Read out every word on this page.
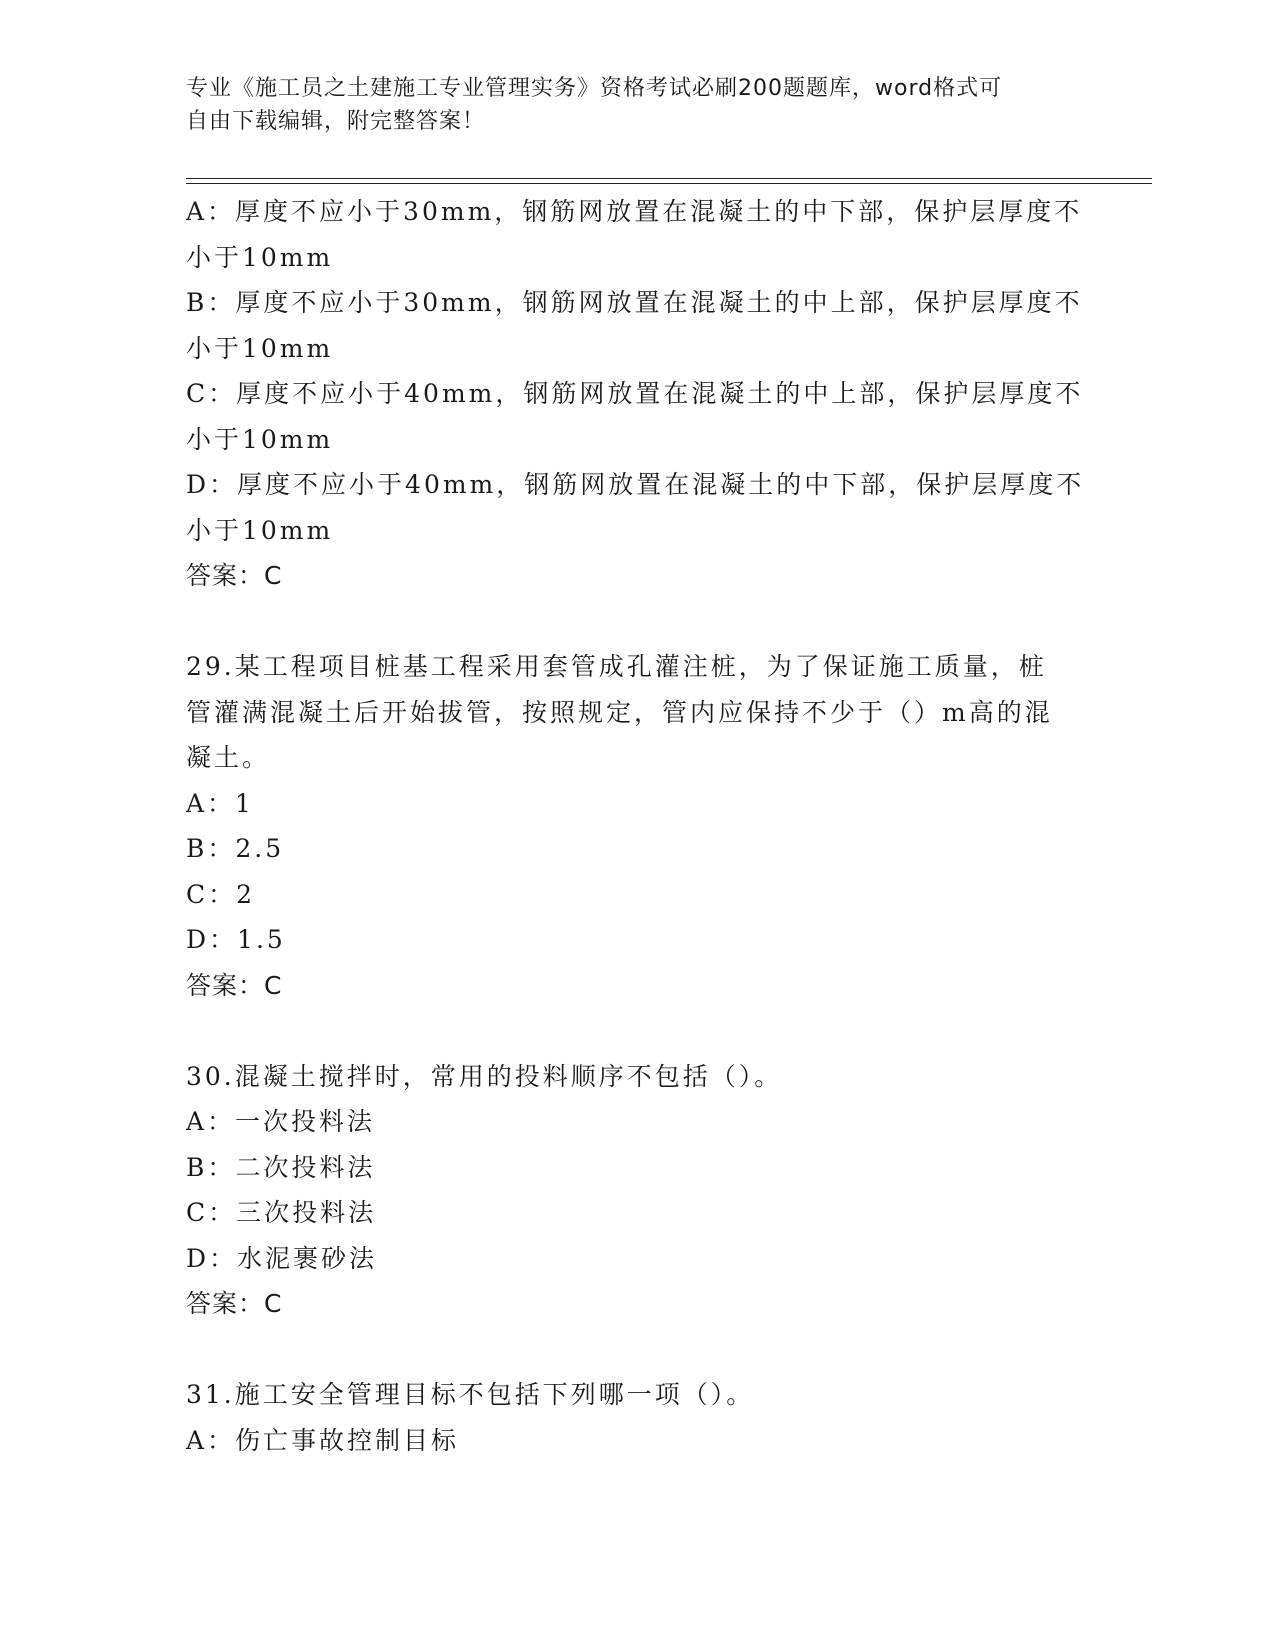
专业《施工员之土建施工专业管理实务》资格考试必刷200题题库，word格式可
自由下载编辑，附完整答案！
A：厚度不应小于30mm，钢筋网放置在混凝土的中下部，保护层厚度不
小于10mm
B：厚度不应小于30mm，钢筋网放置在混凝土的中上部，保护层厚度不
小于10mm
C：厚度不应小于40mm，钢筋网放置在混凝土的中上部，保护层厚度不
小于10mm
D：厚度不应小于40mm，钢筋网放置在混凝土的中下部，保护层厚度不
小于10mm
答案：C
29.某工程项目桩基工程采用套管成孔灌注桩，为了保证施工质量，桩
管灌满混凝土后开始拔管，按照规定，管内应保持不少于（）m高的混
凝土。
A：1
B：2.5
C：2
D：1.5
答案：C
30.混凝土搅拌时，常用的投料顺序不包括（）。
A：一次投料法
B：二次投料法
C：三次投料法
D：水泥裹砂法
答案：C
31.施工安全管理目标不包括下列哪一项（）。
A：伤亡事故控制目标
